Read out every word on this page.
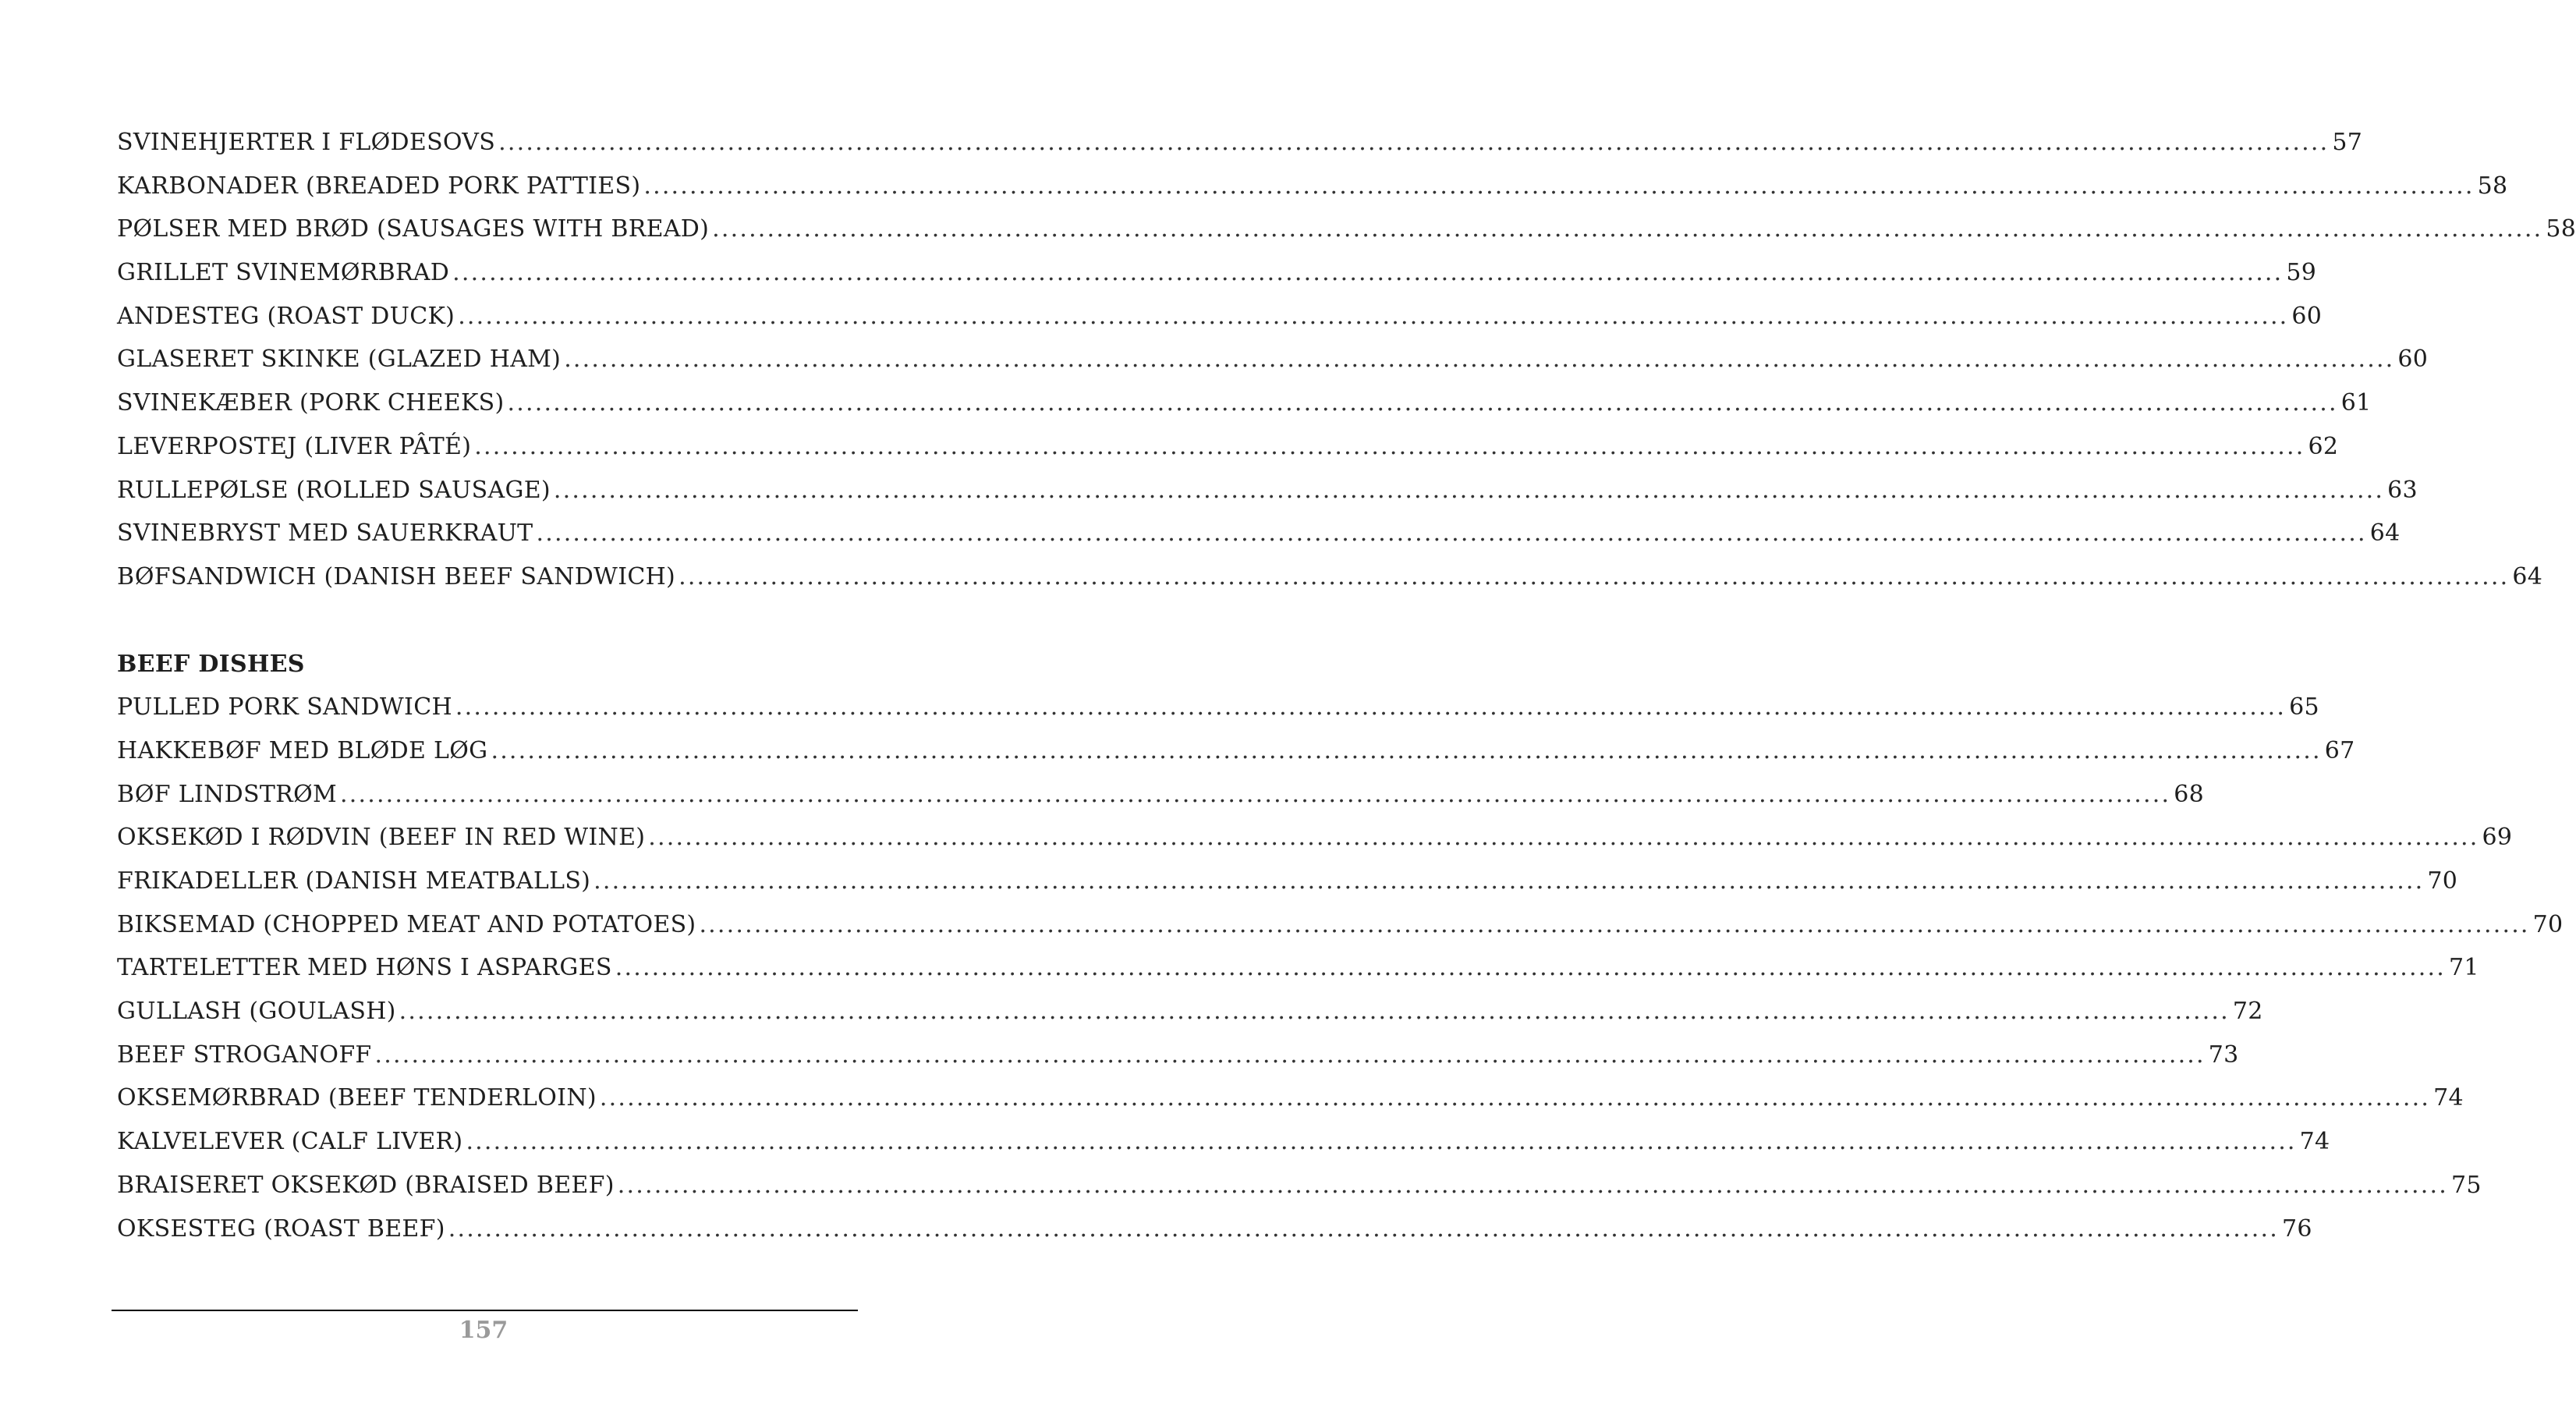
SVINEHJERTER I FLØDESOVS ........................................................................................................................................................................................................ 57
KARBONADER (BREADED PORK PATTIES) ........................................................................................................................................................................................................ 58
PØLSER MED BRØD (SAUSAGES WITH BREAD) ........................................................................................................................................................................................................ 58
GRILLET SVINEMØRBRAD ........................................................................................................................................................................................................ 59
ANDESTEG (ROAST DUCK) ........................................................................................................................................................................................................ 60
GLASERET SKINKE (GLAZED HAM) ........................................................................................................................................................................................................ 60
SVINEKÆBER (PORK CHEEKS) ........................................................................................................................................................................................................ 61
LEVERPOSTEJ (LIVER PÂTÉ) ........................................................................................................................................................................................................ 62
RULLEPØLSE (ROLLED SAUSAGE) ........................................................................................................................................................................................................ 63
SVINEBRYST MED SAUERKRAUT ........................................................................................................................................................................................................ 64
BØFSANDWICH (DANISH BEEF SANDWICH) ........................................................................................................................................................................................................ 64
BEEF DISHES
PULLED PORK SANDWICH ........................................................................................................................................................................................................ 65
HAKKEBØF MED BLØDE LØG ........................................................................................................................................................................................................ 67
BØF LINDSTRØM ........................................................................................................................................................................................................ 68
OKSEKØD I RØDVIN (BEEF IN RED WINE) ........................................................................................................................................................................................................ 69
FRIKADELLER (DANISH MEATBALLS) ........................................................................................................................................................................................................ 70
BIKSEMAD (CHOPPED MEAT AND POTATOES) ........................................................................................................................................................................................................ 70
TARTELETTER MED HØNS I ASPARGES ........................................................................................................................................................................................................ 71
GULLASH (GOULASH) ........................................................................................................................................................................................................ 72
BEEF STROGANOFF ........................................................................................................................................................................................................ 73
OKSEMØRBRAD (BEEF TENDERLOIN) ........................................................................................................................................................................................................ 74
KALVELEVER (CALF LIVER) ........................................................................................................................................................................................................ 74
BRAISERET OKSEKØD (BRAISED BEEF) ........................................................................................................................................................................................................ 75
OKSESTEG (ROAST BEEF) ........................................................................................................................................................................................................ 76
157
